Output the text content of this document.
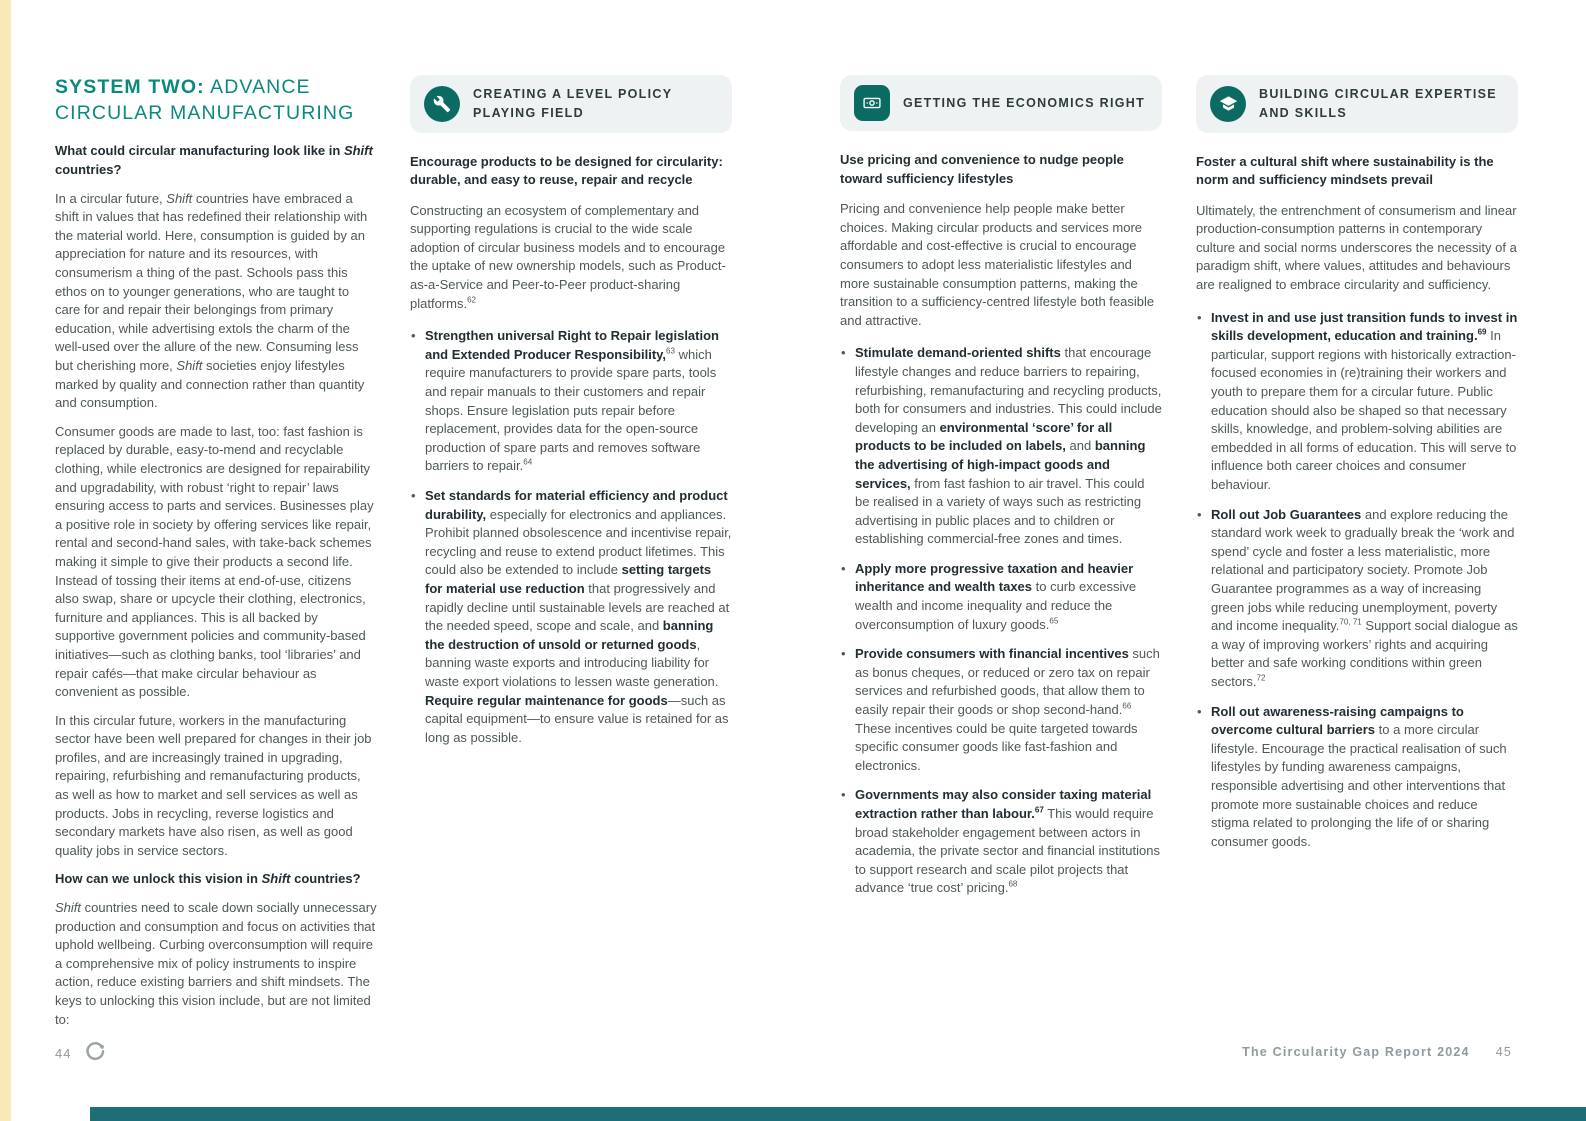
SYSTEM TWO: ADVANCE
CIRCULAR MANUFACTURING

What could circular manufacturing look like in Shift countries?

In a circular future, Shift countries have embraced a shift in values that has redefined their relationship with the material world. Here, consumption is guided by an appreciation for nature and its resources, with consumerism a thing of the past. Schools pass this ethos on to younger generations, who are taught to care for and repair their belongings from primary education, while advertising extols the charm of the well-used over the allure of the new. Consuming less but cherishing more, Shift societies enjoy lifestyles marked by quality and connection rather than quantity and consumption.

Consumer goods are made to last, too: fast fashion is replaced by durable, easy-to-mend and recyclable clothing, while electronics are designed for repairability and upgradability, with robust ‘right to repair’ laws ensuring access to parts and services. Businesses play a positive role in society by offering services like repair, rental and second-hand sales, with take-back schemes making it simple to give their products a second life. Instead of tossing their items at end-of-use, citizens also swap, share or upcycle their clothing, electronics, furniture and appliances. This is all backed by supportive government policies and community-based initiatives—such as clothing banks, tool ‘libraries’ and repair cafés—that make circular behaviour as convenient as possible.

In this circular future, workers in the manufacturing sector have been well prepared for changes in their job profiles, and are increasingly trained in upgrading, repairing, refurbishing and remanufacturing products, as well as how to market and sell services as well as products. Jobs in recycling, reverse logistics and secondary markets have also risen, as well as good quality jobs in service sectors.

How can we unlock this vision in Shift countries?

Shift countries need to scale down socially unnecessary production and consumption and focus on activities that uphold wellbeing. Curbing overconsumption will require a comprehensive mix of policy instruments to inspire action, reduce existing barriers and shift mindsets. The keys to unlocking this vision include, but are not limited to:

CREATING A LEVEL POLICY PLAYING FIELD

Encourage products to be designed for circularity: durable, and easy to reuse, repair and recycle

Constructing an ecosystem of complementary and supporting regulations is crucial to the wide scale adoption of circular business models and to encourage the uptake of new ownership models, such as Product-as-a-Service and Peer-to-Peer product-sharing platforms.$^{62}$

• Strengthen universal Right to Repair legislation and Extended Producer Responsibility,$^{63}$ which require manufacturers to provide spare parts, tools and repair manuals to their customers and repair shops. Ensure legislation puts repair before replacement, provides data for the open-source production of spare parts and removes software barriers to repair.$^{64}$
• Set standards for material efficiency and product durability, especially for electronics and appliances. Prohibit planned obsolescence and incentivise repair, recycling and reuse to extend product lifetimes. This could also be extended to include setting targets for material use reduction that progressively and rapidly decline until sustainable levels are reached at the needed speed, scope and scale, and banning the destruction of unsold or returned goods, banning waste exports and introducing liability for waste export violations to lessen waste generation. Require regular maintenance for goods—such as capital equipment—to ensure value is retained for as long as possible.
GETTING THE ECONOMICS RIGHT

Use pricing and convenience to nudge people toward sufficiency lifestyles

Pricing and convenience help people make better choices. Making circular products and services more affordable and cost-effective is crucial to encourage consumers to adopt less materialistic lifestyles and more sustainable consumption patterns, making the transition to a sufficiency-centred lifestyle both feasible and attractive.

• Stimulate demand-oriented shifts that encourage lifestyle changes and reduce barriers to repairing, refurbishing, remanufacturing and recycling products, both for consumers and industries. This could include developing an environmental ‘score’ for all products to be included on labels, and banning the advertising of high-impact goods and services, from fast fashion to air travel. This could be realised in a variety of ways such as restricting advertising in public places and to children or establishing commercial-free zones and times.
• Apply more progressive taxation and heavier inheritance and wealth taxes to curb excessive wealth and income inequality and reduce the overconsumption of luxury goods.$^{65}$
• Provide consumers with financial incentives such as bonus cheques, or reduced or zero tax on repair services and refurbished goods, that allow them to easily repair their goods or shop second-hand.$^{66}$ These incentives could be quite targeted towards specific consumer goods like fast-fashion and electronics.
• Governments may also consider taxing material extraction rather than labour.$^{67}$ This would require broad stakeholder engagement between actors in academia, the private sector and financial institutions to support research and scale pilot projects that advance ‘true cost’ pricing.$^{68}$
BUILDING CIRCULAR EXPERTISE AND SKILLS

Foster a cultural shift where sustainability is the norm and sufficiency mindsets prevail

Ultimately, the entrenchment of consumerism and linear production-consumption patterns in contemporary culture and social norms underscores the necessity of a paradigm shift, where values, attitudes and behaviours are realigned to embrace circularity and sufficiency.

• Invest in and use just transition funds to invest in skills development, education and training.$^{69}$ In particular, support regions with historically extraction-focused economies in (re)training their workers and youth to prepare them for a circular future. Public education should also be shaped so that necessary skills, knowledge, and problem-solving abilities are embedded in all forms of education. This will serve to influence both career choices and consumer behaviour.
• Roll out Job Guarantees and explore reducing the standard work week to gradually break the ‘work and spend’ cycle and foster a less materialistic, more relational and participatory society. Promote Job Guarantee programmes as a way of increasing green jobs while reducing unemployment, poverty and income inequality.$^{70, 71}$ Support social dialogue as a way of improving workers’ rights and acquiring better and safe working conditions within green sectors.$^{72}$
• Roll out awareness-raising campaigns to overcome cultural barriers to a more circular lifestyle. Encourage the practical realisation of such lifestyles by funding awareness campaigns, responsible advertising and other interventions that promote more sustainable choices and reduce stigma related to prolonging the life of or sharing consumer goods.
44	The Circularity Gap Report 2024 45
